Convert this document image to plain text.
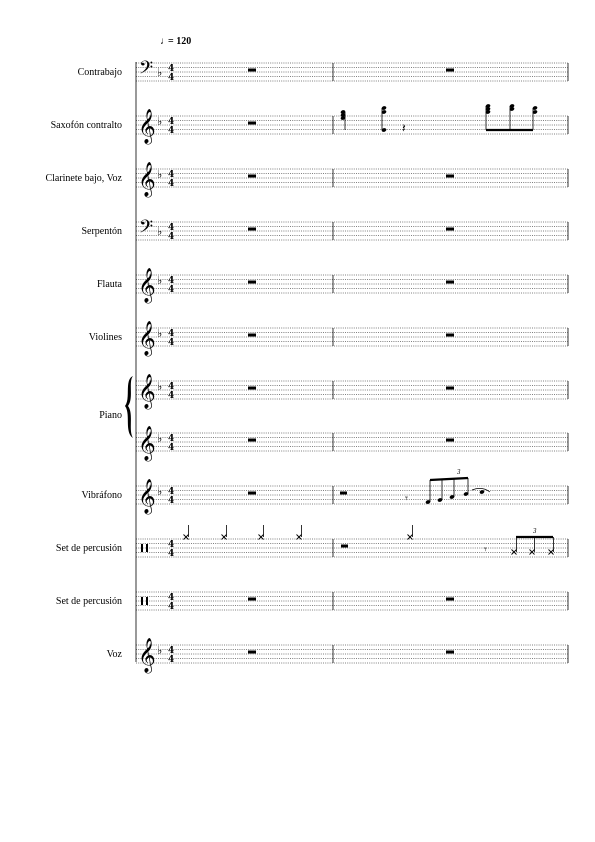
♩
= 120
Piano
Contrabajo 𝄢 ♭ 4
4
Saxofón contralto 𝄞 ♭ 4
4
Clarinete bajo, Voz 𝄞 ♭ 4
4
Serpentón 𝄢 ♭ 4
4
Flauta 𝄞 ♭ 4
4
Violines 𝄞 ♭ 4
4
𝄞 ♭ 4
4
𝄞 ♭ 4
4
Vibráfono 𝄞 ♭ 4
4
Set de percusión	4
4
Set de percusión	4
4
Voz 𝄞 ♭ 4
4
𝄽
𝄾
3
𝄾
3
